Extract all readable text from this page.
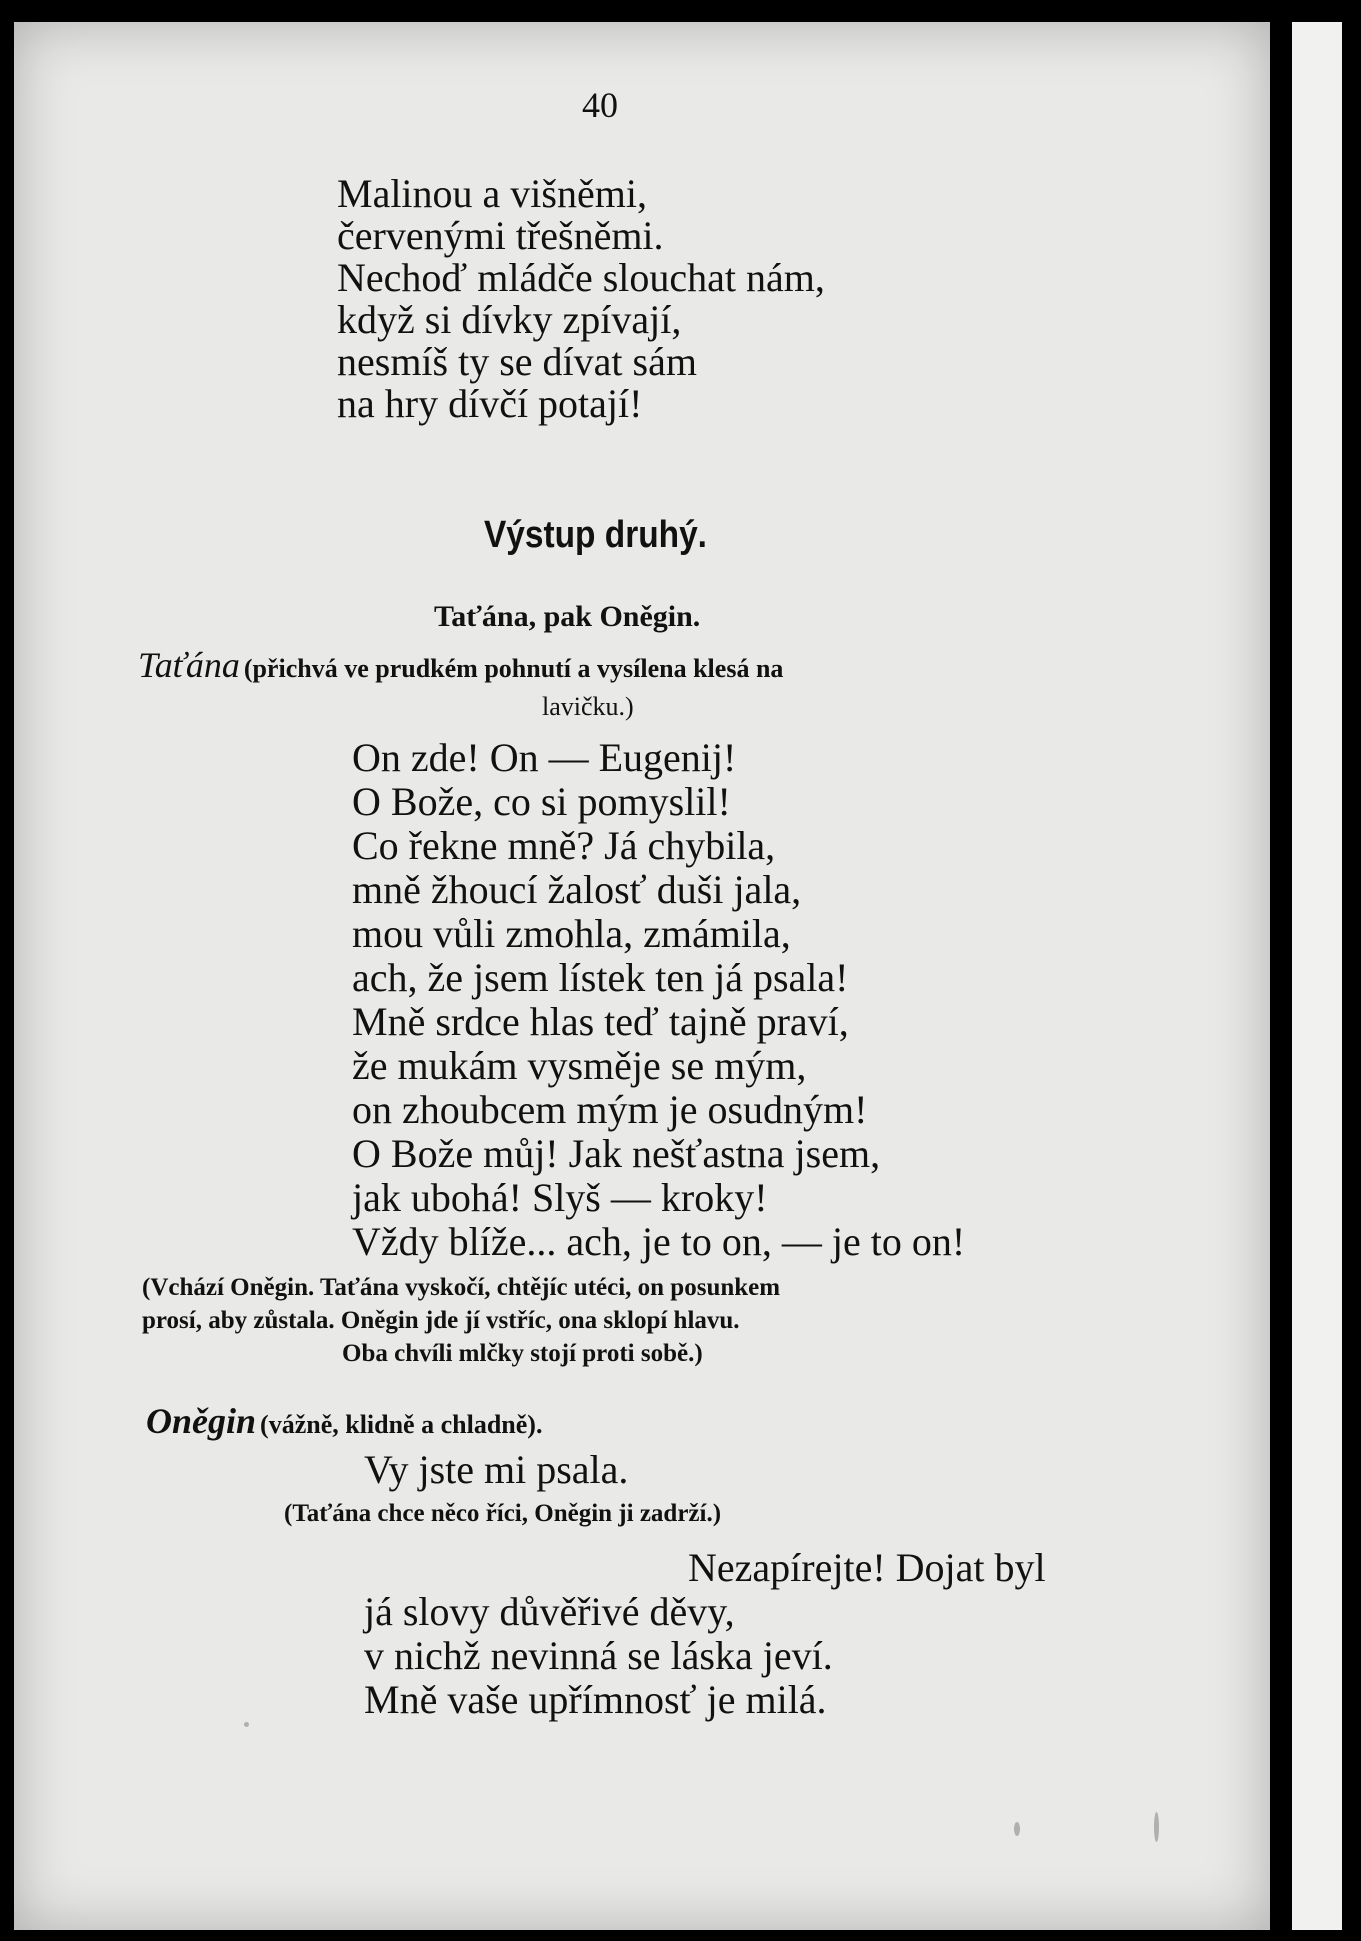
40
Malinou a višněmi,
červenými třešněmi.
Nechoď mládče slouchat nám,
když si dívky zpívají,
nesmíš ty se dívat sám
na hry dívčí potají!
Výstup druhý.
Taťána, pak Oněgin.
Taťána (přichvá ve prudkém pohnutí a vysílena klesá na
lavičku.)
On zde! On — Eugenij!
O Bože, co si pomyslil!
Co řekne mně? Já chybila,
mně žhoucí žalosť duši jala,
mou vůli zmohla, zmámila,
ach, že jsem lístek ten já psala!
Mně srdce hlas teď tajně praví,
že mukám vysměje se mým,
on zhoubcem mým je osudným!
O Bože můj! Jak nešťastna jsem,
jak ubohá! Slyš — kroky!
Vždy blíže... ach, je to on, — je to on!
(Vchází Oněgin. Taťána vyskočí, chtějíc utéci, on posunkem
prosí, aby zůstala. Oněgin jde jí vstříc, ona sklopí hlavu.
Oba chvíli mlčky stojí proti sobě.)
Oněgin (vážně, klidně a chladně).
Vy jste mi psala.
(Taťána chce něco říci, Oněgin ji zadrží.)
Nezapírejte! Dojat byl
já slovy důvěřivé děvy,
v nichž nevinná se láska jeví.
Mně vaše upřímnosť je milá.
